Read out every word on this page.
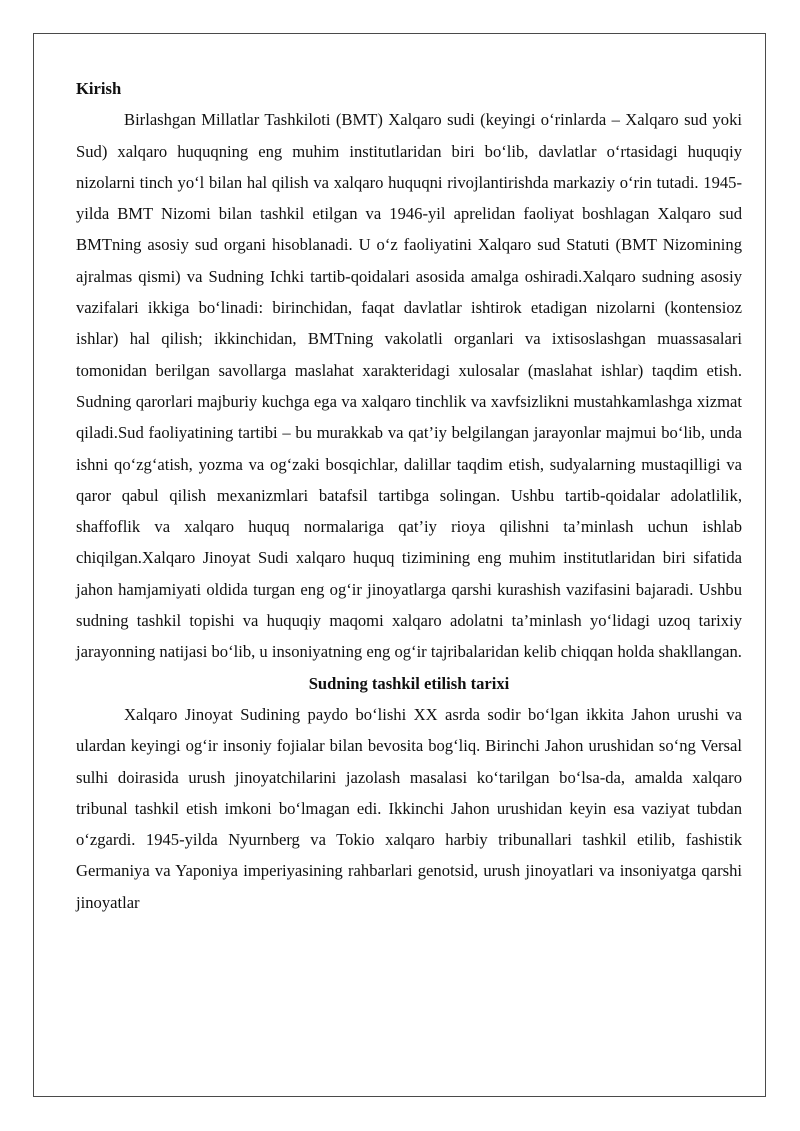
Kirish

Birlashgan Millatlar Tashkiloti (BMT) Xalqaro sudi (keyingi o‘rinlarda – Xalqaro sud yoki Sud) xalqaro huquqning eng muhim institutlaridan biri bo‘lib, davlatlar o‘rtasidagi huquqiy nizolarni tinch yo‘l bilan hal qilish va xalqaro huquqni rivojlantirishda markaziy o‘rin tutadi. 1945-yilda BMT Nizomi bilan tashkil etilgan va 1946-yil aprelidan faoliyat boshlagan Xalqaro sud BMTning asosiy sud organi hisoblanadi. U o‘z faoliyatini Xalqaro sud Statuti (BMT Nizomining ajralmas qismi) va Sudning Ichki tartib-qoidalari asosida amalga oshiradi.Xalqaro sudning asosiy vazifalari ikkiga bo‘linadi: birinchidan, faqat davlatlar ishtirok etadigan nizolarni (kontensioz ishlar) hal qilish; ikkinchidan, BMTning vakolatli organlari va ixtisoslashgan muassasalari tomonidan berilgan savollarga maslahat xarakteridagi xulosalar (maslahat ishlar) taqdim etish. Sudning qarorlari majburiy kuchga ega va xalqaro tinchlik va xavfsizlikni mustahkamlashga xizmat qiladi.Sud faoliyatining tartibi – bu murakkab va qat’iy belgilangan jarayonlar majmui bo‘lib, unda ishni qo‘zg‘atish, yozma va og‘zaki bosqichlar, dalillar taqdim etish, sudyalarning mustaqilligi va qaror qabul qilish mexanizmlari batafsil tartibga solingan. Ushbu tartib-qoidalar adolatlilik, shaffoflik va xalqaro huquq normalariga qat’iy rioya qilishni ta’minlash uchun ishlab chiqilgan.Xalqaro Jinoyat Sudi xalqaro huquq tizimining eng muhim institutlaridan biri sifatida jahon hamjamiyati oldida turgan eng og‘ir jinoyatlarga qarshi kurashish vazifasini bajaradi. Ushbu sudning tashkil topishi va huquqiy maqomi xalqaro adolatni ta’minlash yo‘lidagi uzoq tarixiy jarayonning natijasi bo‘lib, u insoniyatning eng og‘ir tajribalaridan kelib chiqqan holda shakllangan.

Sudning tashkil etilish tarixi

Xalqaro Jinoyat Sudining paydo bo‘lishi XX asrda sodir bo‘lgan ikkita Jahon urushi va ulardan keyingi og‘ir insoniy fojialar bilan bevosita bog‘liq. Birinchi Jahon urushidan so‘ng Versal sulhi doirasida urush jinoyatchilarini jazolash masalasi ko‘tarilgan bo‘lsa-da, amalda xalqaro tribunal tashkil etish imkoni bo‘lmagan edi. Ikkinchi Jahon urushidan keyin esa vaziyat tubdan o‘zgardi. 1945-yilda Nyurnberg va Tokio xalqaro harbiy tribunallari tashkil etilib, fashistik Germaniya va Yaponiya imperiyasining rahbarlari genotsid, urush jinoyatlari va insoniyatga qarshi jinoyatlar
